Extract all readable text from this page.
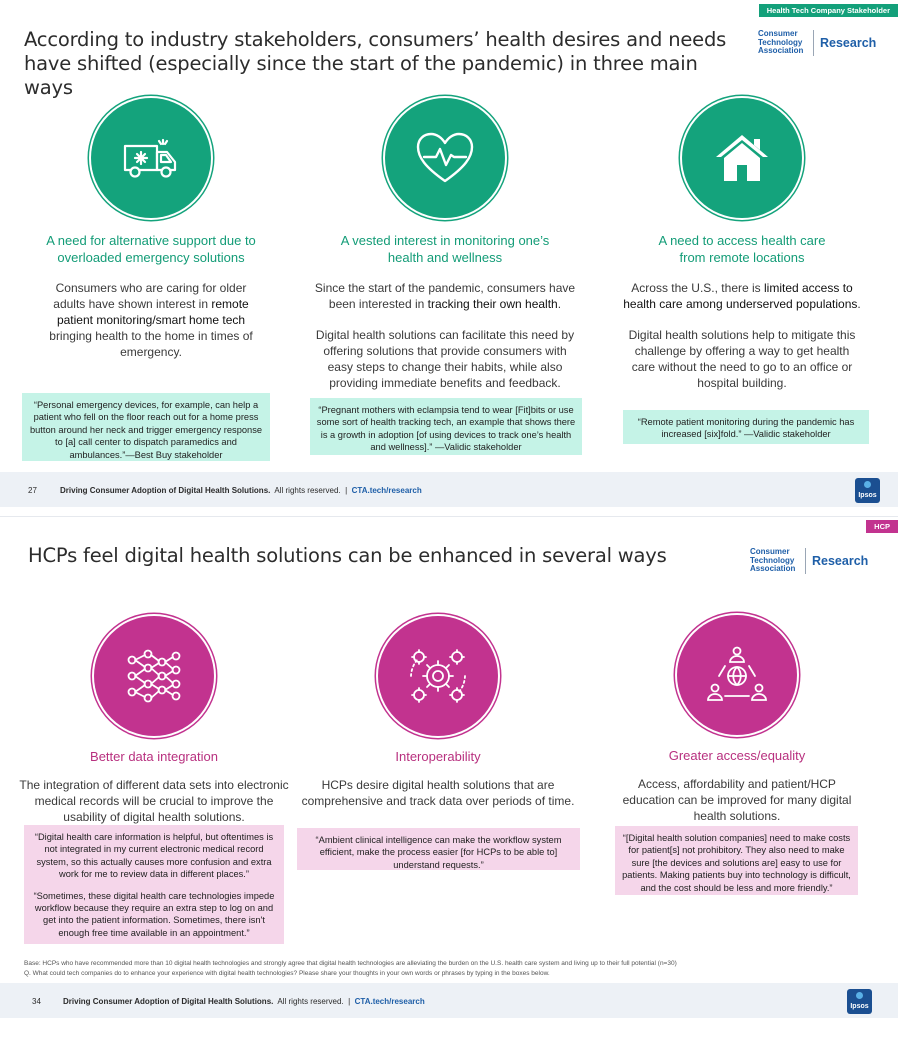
Health Tech Company Stakeholder
According to industry stakeholders, consumers’ health desires and needs have shifted (especially since the start of the pandemic) in three main ways
Consumer Technology Association
Research
A need for alternative support due to overloaded emergency solutions

Consumers who are caring for older adults have shown interest in remote patient monitoring/smart home tech bringing health to the home in times of emergency.

“Personal emergency devices, for example, can help a patient who fell on the floor reach out for a home press button around her neck and trigger emergency response to [a] call center to dispatch paramedics and ambulances.”—Best Buy stakeholder
A vested interest in monitoring one’s health and wellness

Since the start of the pandemic, consumers have been interested in tracking their own health.

Digital health solutions can facilitate this need by offering solutions that provide consumers with easy steps to change their habits, while also providing immediate benefits and feedback.

“Pregnant mothers with eclampsia tend to wear [Fit]bits or use some sort of health tracking tech, an example that shows there is a growth in adoption [of using devices to track one’s health and wellness].” —Validic stakeholder
A need to access health care from remote locations

Across the U.S., there is limited access to health care among underserved populations.

Digital health solutions help to mitigate this challenge by offering a way to get health care without the need to go to an office or hospital building.

“Remote patient monitoring during the pandemic has increased [six]fold.” —Validic stakeholder
27	Driving Consumer Adoption of Digital Health Solutions. All rights reserved. | CTA.tech/research
Ipsos
HCP
HCPs feel digital health solutions can be enhanced in several ways	Consumer Technology Association
Research
Better data integration
The integration of different data sets into electronic medical records will be crucial to improve the usability of digital health solutions.

“Digital health care information is helpful, but oftentimes is not integrated in my current electronic medical record system, so this actually causes more confusion and extra work for me to review data in different places.”

“Sometimes, these digital health care technologies impede workflow because they require an extra step to log on and get into the patient information. Sometimes, there isn't enough free time available in an appointment.”

Interoperability
HCPs desire digital health solutions that are comprehensive and track data over periods of time.
“Ambient clinical intelligence can make the workflow system efficient, make the process easier [for HCPs to be able to] understand requests.”
Greater access/equality
Access, affordability and patient/HCP education can be improved for many digital health solutions.
“[Digital health solution companies] need to make costs for patient[s] not prohibitory. They also need to make sure [the devices and solutions are] easy to use for patients. Making patients buy into technology is difficult, and the cost should be less and more friendly.”
Base: HCPs who have recommended more than 10 digital health technologies and strongly agree that digital health technologies are alleviating the burden on the U.S. health care system and living up to their full potential (n=30)
Q. What could tech companies do to enhance your experience with digital health technologies? Please share your thoughts in your own words or phrases by typing in the boxes below.
34	Driving Consumer Adoption of Digital Health Solutions. All rights reserved. | CTA.tech/research
Ipsos
